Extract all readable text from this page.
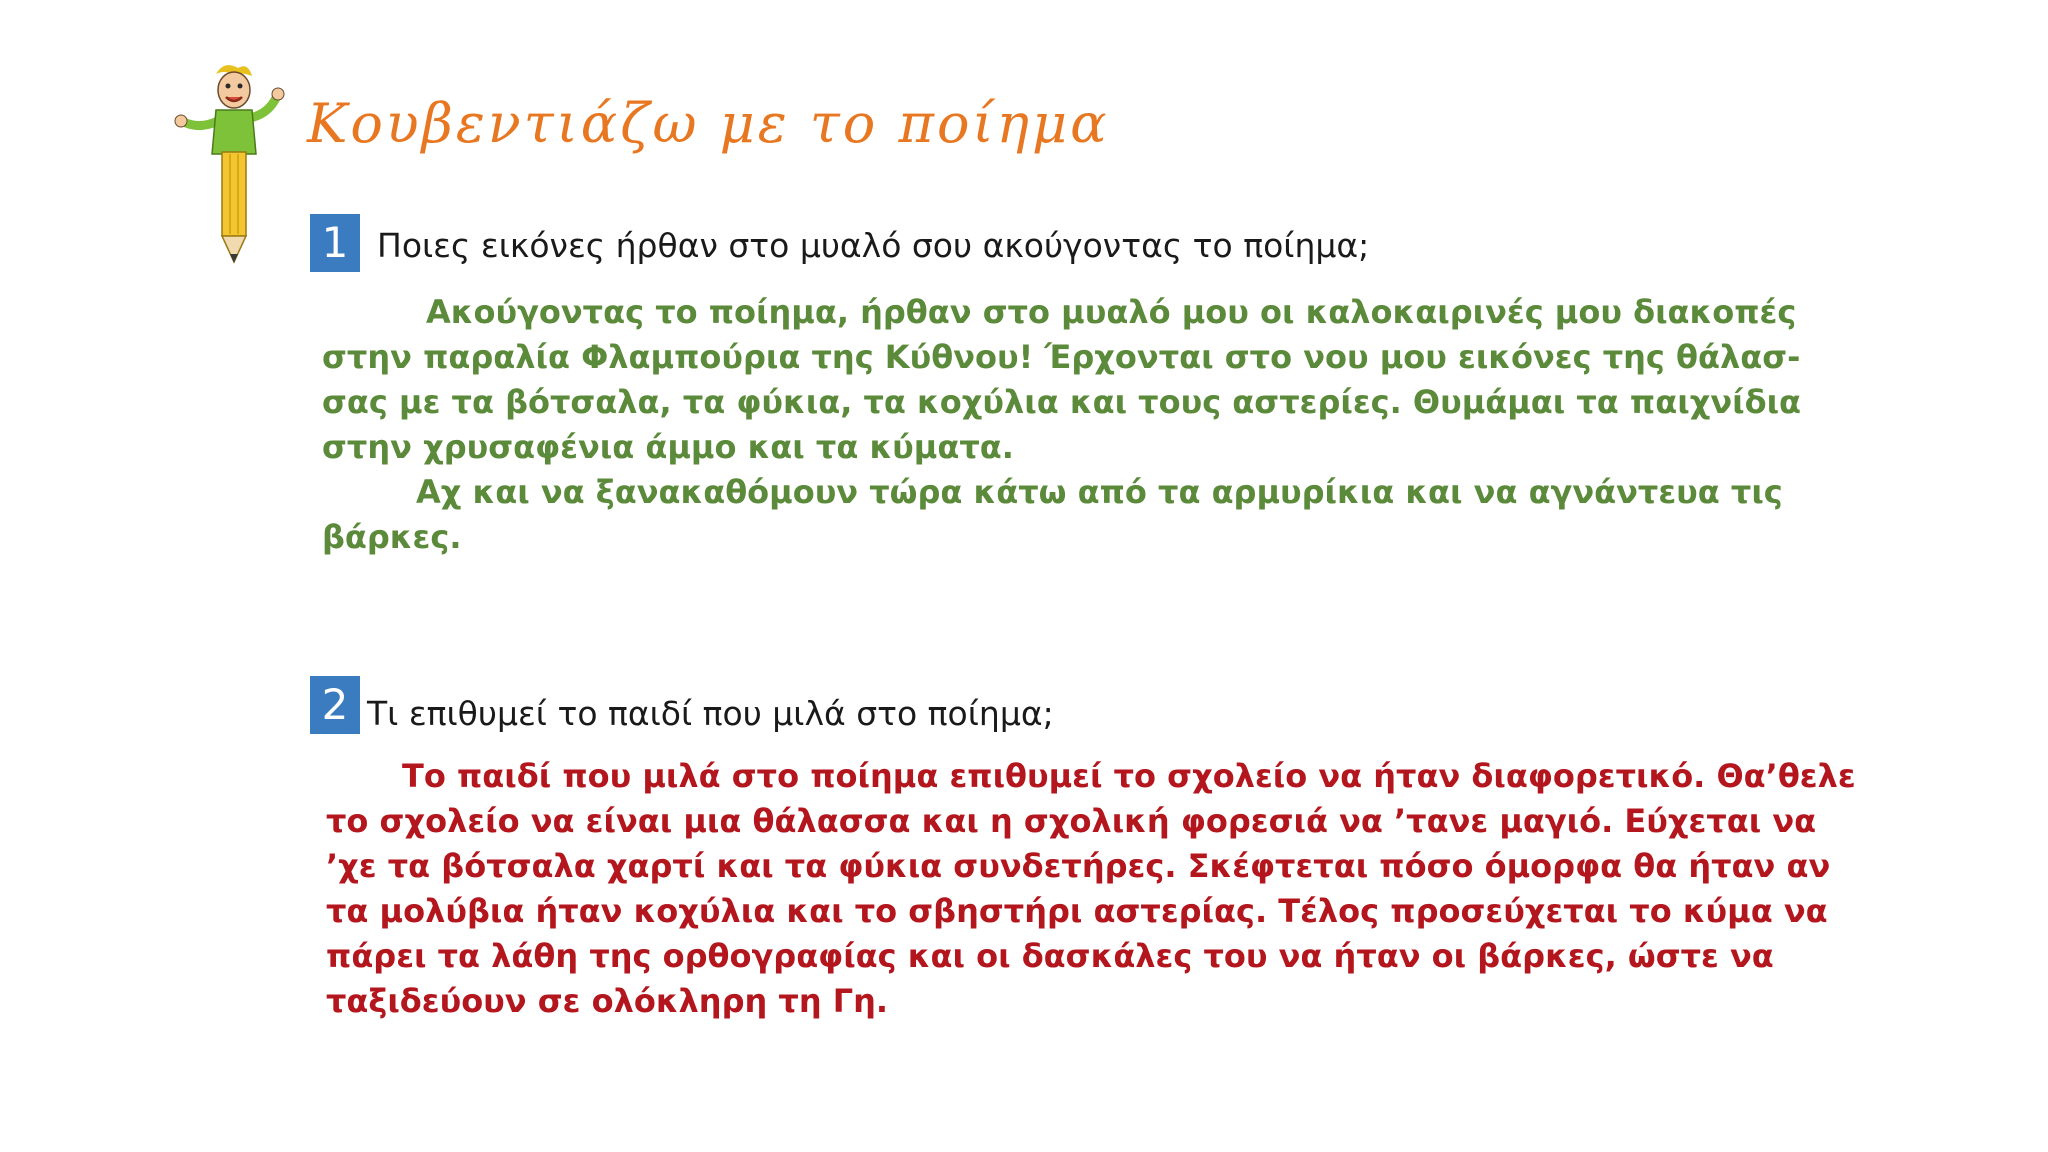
Κουβεντιάζω με το ποίημα
1 Ποιες εικόνες ήρθαν στο μυαλό σου ακούγοντας το ποίημα;
Ακούγοντας το ποίημα, ήρθαν στο μυαλό μου οι καλοκαιρινές μου διακοπές
στην παραλία Φλαμπούρια της Κύθνου! Έρχονται στο νου μου εικόνες της θάλασ-
σας με τα βότσαλα, τα φύκια, τα κοχύλια και τους αστερίες. Θυμάμαι τα παιχνίδια
στην χρυσαφένια άμμο και τα κύματα.
Αχ και να ξανακαθόμουν τώρα κάτω από τα αρμυρίκια και να αγνάντευα τις
βάρκες.
2 Τι επιθυμεί το παιδί που μιλά στο ποίημα;
Το παιδί που μιλά στο ποίημα επιθυμεί το σχολείο να ήταν διαφορετικό. Θα’θελε
το σχολείο να είναι μια θάλασσα και η σχολική φορεσιά να ’τανε μαγιό. Εύχεται να
’χε τα βότσαλα χαρτί και τα φύκια συνδετήρες. Σκέφτεται πόσο όμορφα θα ήταν αν
τα μολύβια ήταν κοχύλια και το σβηστήρι αστερίας. Τέλος προσεύχεται το κύμα να
πάρει τα λάθη της ορθογραφίας και οι δασκάλες του να ήταν οι βάρκες, ώστε να
ταξιδεύουν σε ολόκληρη τη Γη.
